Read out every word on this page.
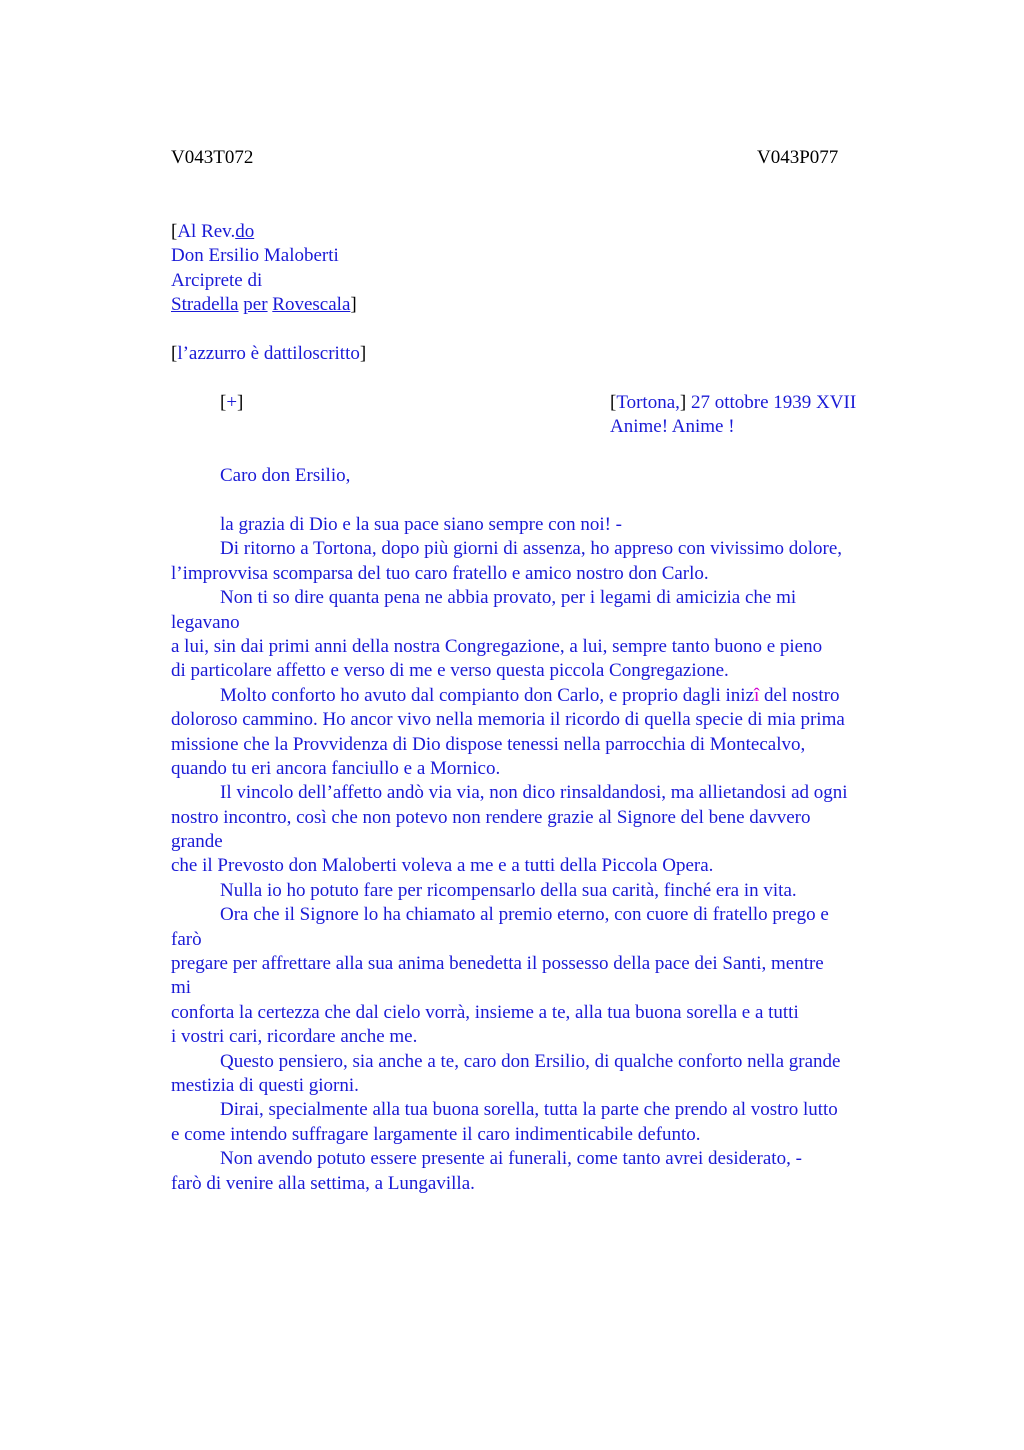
V043T072	V043P077
[Al Rev.do
Don Ersilio Maloberti
Arciprete di
Stradella per Rovescala]
[l’azzurro è dattiloscritto]
[+]	[Tortona,] 27 ottobre 1939 XVII
Anime! Anime !
Caro don Ersilio,
la grazia di Dio e la sua pace siano sempre con noi! -
Di ritorno a Tortona, dopo più giorni di assenza, ho appreso con vivissimo dolore,
l’improvvisa scomparsa del tuo caro fratello e amico nostro don Carlo.
Non ti so dire quanta pena ne abbia provato, per i legami di amicizia che mi
legavano
a lui, sin dai primi anni della nostra Congregazione, a lui, sempre tanto buono e pieno
di particolare affetto e verso di me e verso questa piccola Congregazione.
Molto conforto ho avuto dal compianto don Carlo, e proprio dagli inizî del nostro
doloroso cammino. Ho ancor vivo nella memoria il ricordo di quella specie di mia prima
missione che la Provvidenza di Dio dispose tenessi nella parrocchia di Montecalvo,
quando tu eri ancora fanciullo e a Mornico.
Il vincolo dell’affetto andò via via, non dico rinsaldandosi, ma allietandosi ad ogni
nostro incontro, così che non potevo non rendere grazie al Signore del bene davvero
grande
che il Prevosto don Maloberti voleva a me e a tutti della Piccola Opera.
Nulla io ho potuto fare per ricompensarlo della sua carità, finché era in vita.
Ora che il Signore lo ha chiamato al premio eterno, con cuore di fratello prego e
farò
pregare per affrettare alla sua anima benedetta il possesso della pace dei Santi, mentre
mi
conforta la certezza che dal cielo vorrà, insieme a te, alla tua buona sorella e a tutti
i vostri cari, ricordare anche me.
Questo pensiero, sia anche a te, caro don Ersilio, di qualche conforto nella grande
mestizia di questi giorni.
Dirai, specialmente alla tua buona sorella, tutta la parte che prendo al vostro lutto
e come intendo suffragare largamente il caro indimenticabile defunto.
Non avendo potuto essere presente ai funerali, come tanto avrei desiderato, -
farò di venire alla settima, a Lungavilla.
